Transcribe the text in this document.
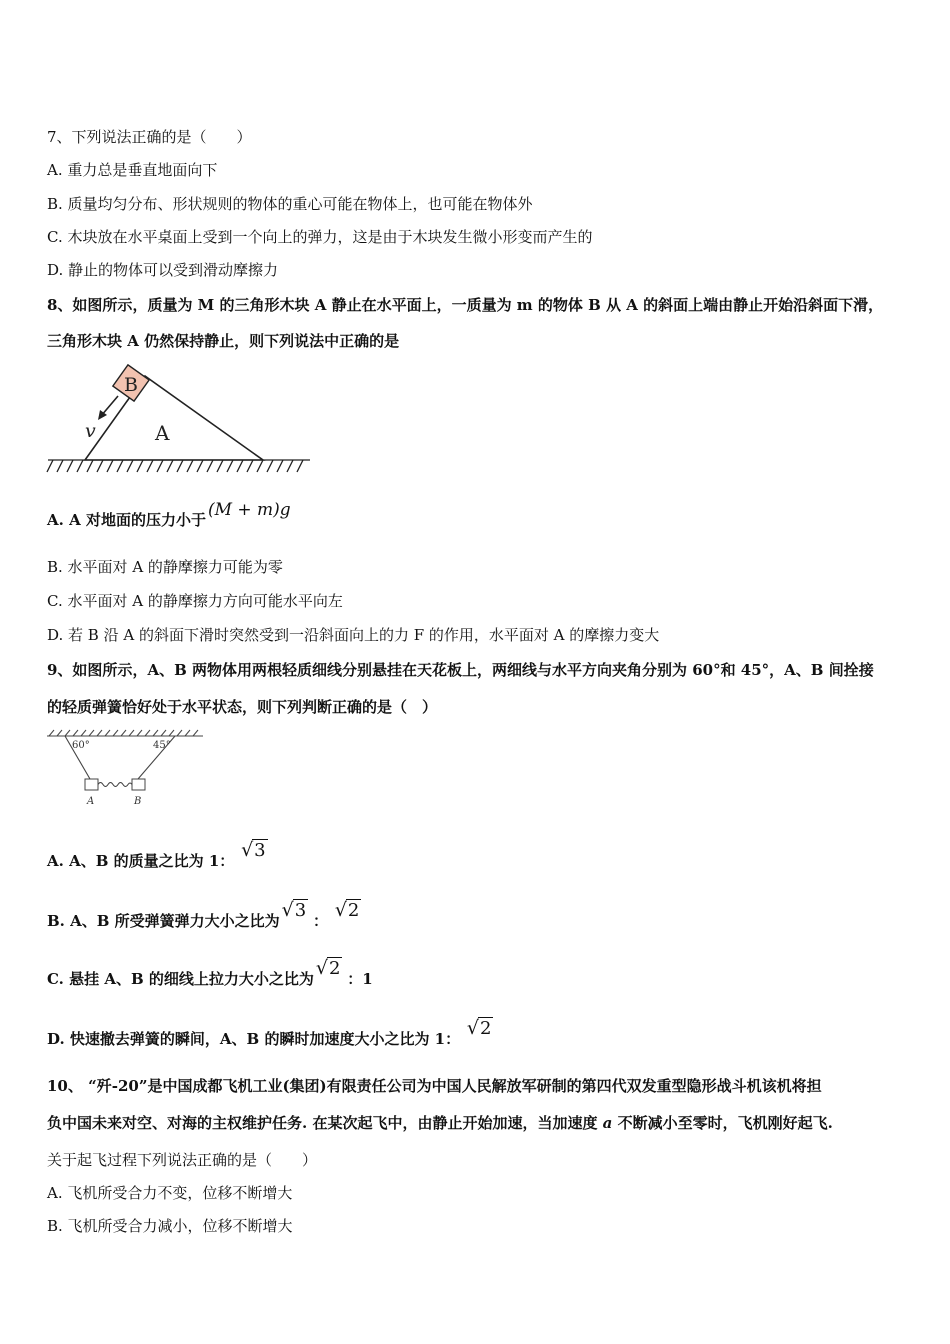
7、下列说法正确的是（　　）
A. 重力总是垂直地面向下
B. 质量均匀分布、形状规则的物体的重心可能在物体上，也可能在物体外
C. 木块放在水平桌面上受到一个向上的弹力，这是由于木块发生微小形变而产生的
D. 静止的物体可以受到滑动摩擦力
8、如图所示，质量为 M 的三角形木块 A 静止在水平面上，一质量为 m 的物体 B 从 A 的斜面上端由静止开始沿斜面下滑，
三角形木块 A 仍然保持静止，则下列说法中正确的是
B
v	A
A. A 对地面的压力小于 (M + m)g
B. 水平面对 A 的静摩擦力可能为零
C. 水平面对 A 的静摩擦力方向可能水平向左
D. 若 B 沿 A 的斜面下滑时突然受到一沿斜面向上的力 F 的作用，水平面对 A 的摩擦力变大
9、如图所示，A、B 两物体用两根轻质细线分别悬挂在天花板上，两细线与水平方向夹角分别为 60°和 45°，A、B 间拴接
的轻质弹簧恰好处于水平状态，则下列判断正确的是（　）
60°	45°
A	B
A. A、B 的质量之比为 1： √3
B. A、B 所受弹簧弹力大小之比为 √3 ： √2
C. 悬挂 A、B 的细线上拉力大小之比为 √2 ：1
D. 快速撤去弹簧的瞬间，A、B 的瞬时加速度大小之比为 1： √2
10、 “歼-20”是中国成都飞机工业(集团)有限责任公司为中国人民解放军研制的第四代双发重型隐形战斗机该机将担
负中国未来对空、对海的主权维护任务. 在某次起飞中，由静止开始加速，当加速度 a 不断减小至零时，飞机刚好起飞.
关于起飞过程下列说法正确的是（　　）
A. 飞机所受合力不变，位移不断增大
B. 飞机所受合力减小，位移不断增大
